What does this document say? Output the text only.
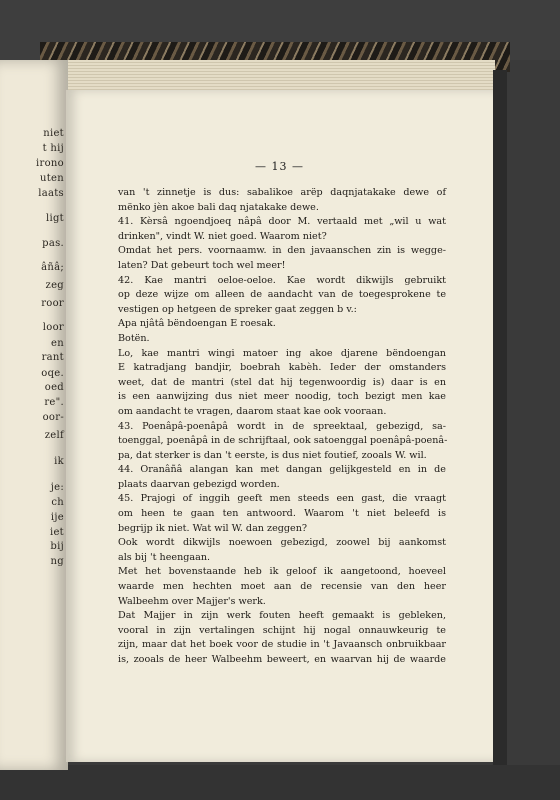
niet
t hij
irono
uten
laats
ligt
pas.
âñâ;
zeg
roor
loor
en
rant
oqe.
oed
re".
oor-
zelf
ik
je:
ch
ije
iet
bij
ng
— 13 —
van 't zinnetje is dus: sabalikoe arëp daqnjatakake dewe of
mënko jèn akoe bali daq njatakake dewe.
41. Kèrsâ ngoendjoeq nâpâ door M. vertaald met „wil u wat
drinken", vindt W. niet goed. Waarom niet?
Omdat het pers. voornaamw. in den javaanschen zin is wegge-
laten? Dat gebeurt toch wel meer!
42. Kae mantri oeloe-oeloe. Kae wordt dikwijls gebruikt
op deze wijze om alleen de aandacht van de toegesprokene te
vestigen op hetgeen de spreker gaat zeggen b v.:
Apa njâtâ bëndoengan E roesak.
Botën.
Lo, kae mantri wingi matoer ing akoe djarene bëndoengan
E katradjang bandjir, boebrah kabèh. Ieder der omstanders
weet, dat de mantri (stel dat hij tegenwoordig is) daar is en
is een aanwijzing dus niet meer noodig, toch bezigt men kae
om aandacht te vragen, daarom staat kae ook vooraan.
43. Poenâpâ-poenâpâ wordt in de spreektaal, gebezigd, sa-
toenggal, poenâpâ in de schrijftaal, ook satoenggal poenâpâ-poenâ-
pa, dat sterker is dan 't eerste, is dus niet foutief, zooals W. wil.
44. Oranâñâ alangan kan met dangan gelijkgesteld en in de
plaats daarvan gebezigd worden.
45. Prajogi of inggih geeft men steeds een gast, die vraagt
om heen te gaan ten antwoord. Waarom 't niet beleefd is
begrijp ik niet. Wat wil W. dan zeggen?
Ook wordt dikwijls noewoen gebezigd, zoowel bij aankomst
als bij 't heengaan.
Met het bovenstaande heb ik geloof ik aangetoond, hoeveel
waarde men hechten moet aan de recensie van den heer
Walbeehm over Majjer's werk.
Dat Majjer in zijn werk fouten heeft gemaakt is gebleken,
vooral in zijn vertalingen schijnt hij nogal onnauwkeurig te
zijn, maar dat het boek voor de studie in 't Javaansch onbruikbaar
is, zooals de heer Walbeehm beweert, en waarvan hij de waarde
